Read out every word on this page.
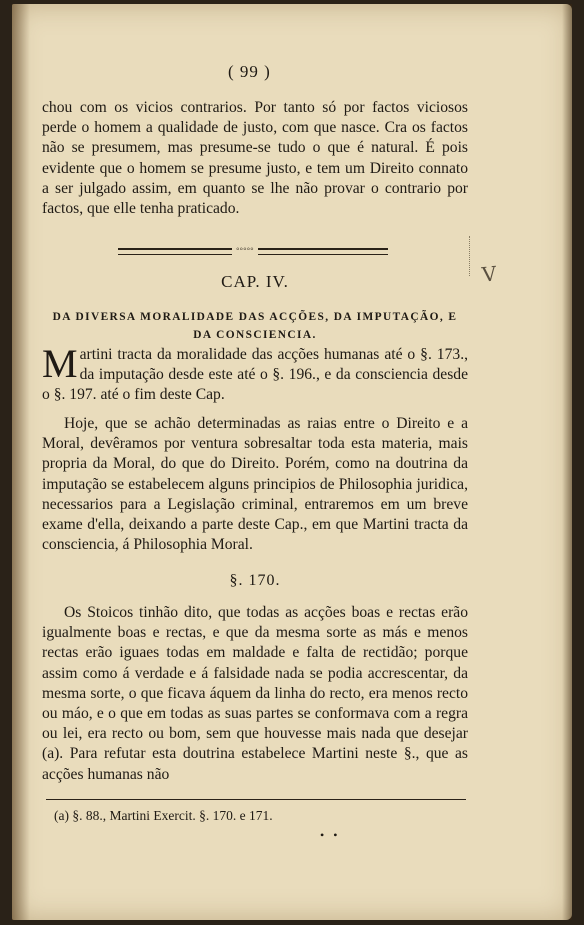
( 99 )

chou com os vicios contrarios. Por tanto só por factos viciosos perde o homem a qualidade de justo, com que nasce. Cra os factos não se presumem, mas presume-se tudo o que é natural. É pois evidente que o homem se presume justo, e tem um Direito connato a ser julgado assim, em quanto se lhe não provar o contrario por factos, que elle tenha praticado.

◦◦◦◦◦
CAP. IV.
DA DIVERSA MORALIDADE DAS ACÇÕES, DA IMPUTAÇÃO, E DA CONSCIENCIA.

Martini tracta da moralidade das acções humanas até o §. 173., da imputação desde este até o §. 196., e da consciencia desde o §. 197. até o fim deste Cap.

Hoje, que se achão determinadas as raias entre o Direito e a Moral, devêramos por ventura sobresaltar toda esta materia, mais propria da Moral, do que do Direito. Porém, como na doutrina da imputação se estabelecem alguns principios de Philosophia juridica, necessarios para a Legislação criminal, entraremos em um breve exame d'ella, deixando a parte deste Cap., em que Martini tracta da consciencia, á Philosophia Moral.

§. 170.

Os Stoicos tinhão dito, que todas as acções boas e rectas erão igualmente boas e rectas, e que da mesma sorte as más e menos rectas erão iguaes todas em maldade e falta de rectidão; porque assim como á verdade e á falsidade nada se podia accrescentar, da mesma sorte, o que ficava áquem da linha do recto, era menos recto ou máo, e o que em todas as suas partes se conformava com a regra ou lei, era recto ou bom, sem que houvesse mais nada que desejar (a). Para refutar esta doutrina estabelece Martini neste §., que as acções humanas não

(a) §. 88., Martini Exercit. §. 170. e 171.
• •
V
